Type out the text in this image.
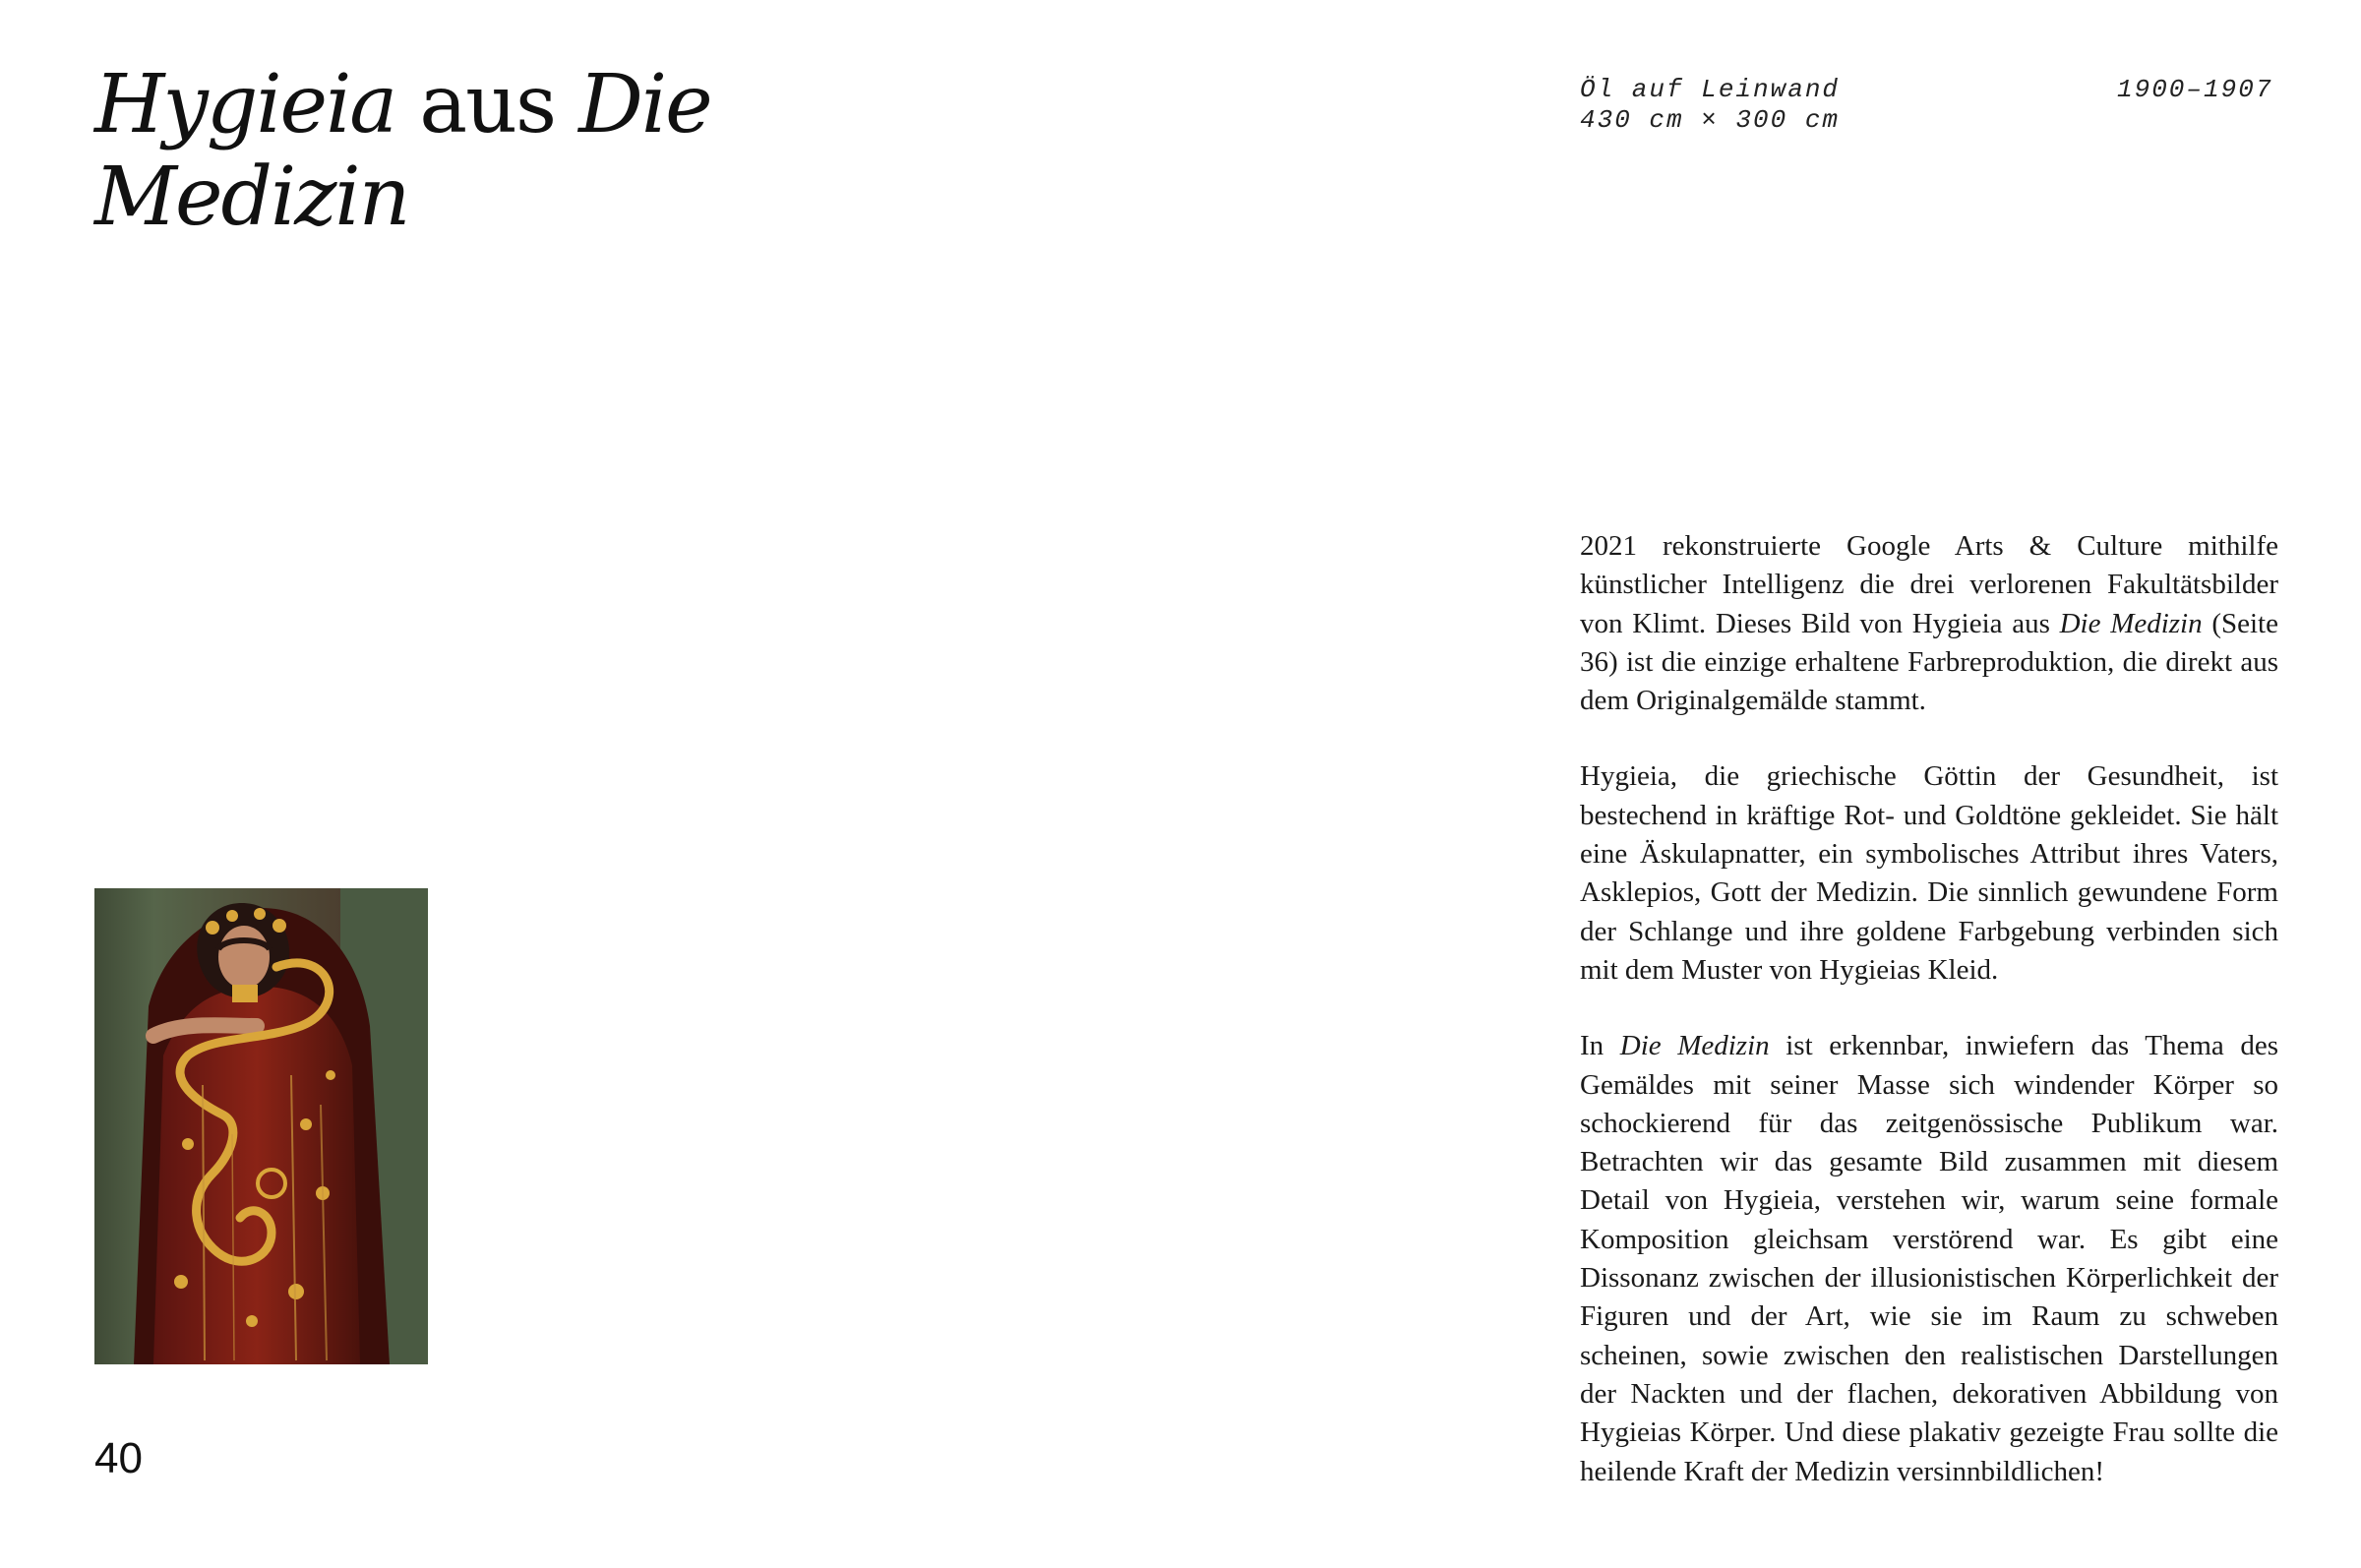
Hygieia aus Die
Medizin
Öl auf Leinwand
430 cm × 300 cm
1900–1907

2021 rekonstruierte Google Arts & Culture mithilfe künstlicher Intelligenz die drei verlorenen Fakultätsbilder von Klimt. Dieses Bild von Hygieia aus Die Medizin (Seite 36) ist die einzige erhaltene Farbreproduktion, die direkt aus dem Originalgemälde stammt.

Hygieia, die griechische Göttin der Gesundheit, ist bestechend in kräftige Rot- und Goldtöne gekleidet. Sie hält eine Äskulapnatter, ein symbolisches Attribut ihres Vaters, Asklepios, Gott der Medizin. Die sinnlich gewundene Form der Schlange und ihre goldene Farbgebung verbinden sich mit dem Muster von Hygieias Kleid.

In Die Medizin ist erkennbar, inwiefern das Thema des Gemäldes mit seiner Masse sich windender Körper so schockierend für das zeitgenössische Publikum war. Betrachten wir das gesamte Bild zusammen mit diesem Detail von Hygieia, verstehen wir, warum seine formale Komposition gleichsam verstörend war. Es gibt eine Dissonanz zwischen der illusionistischen Körperlichkeit der Figuren und der Art, wie sie im Raum zu schweben scheinen, sowie zwischen den realistischen Darstellungen der Nackten und der flachen, dekorativen Abbildung von Hygieias Körper. Und diese plakativ gezeigte Frau sollte die heilende Kraft der Medizin versinnbildlichen!

40
